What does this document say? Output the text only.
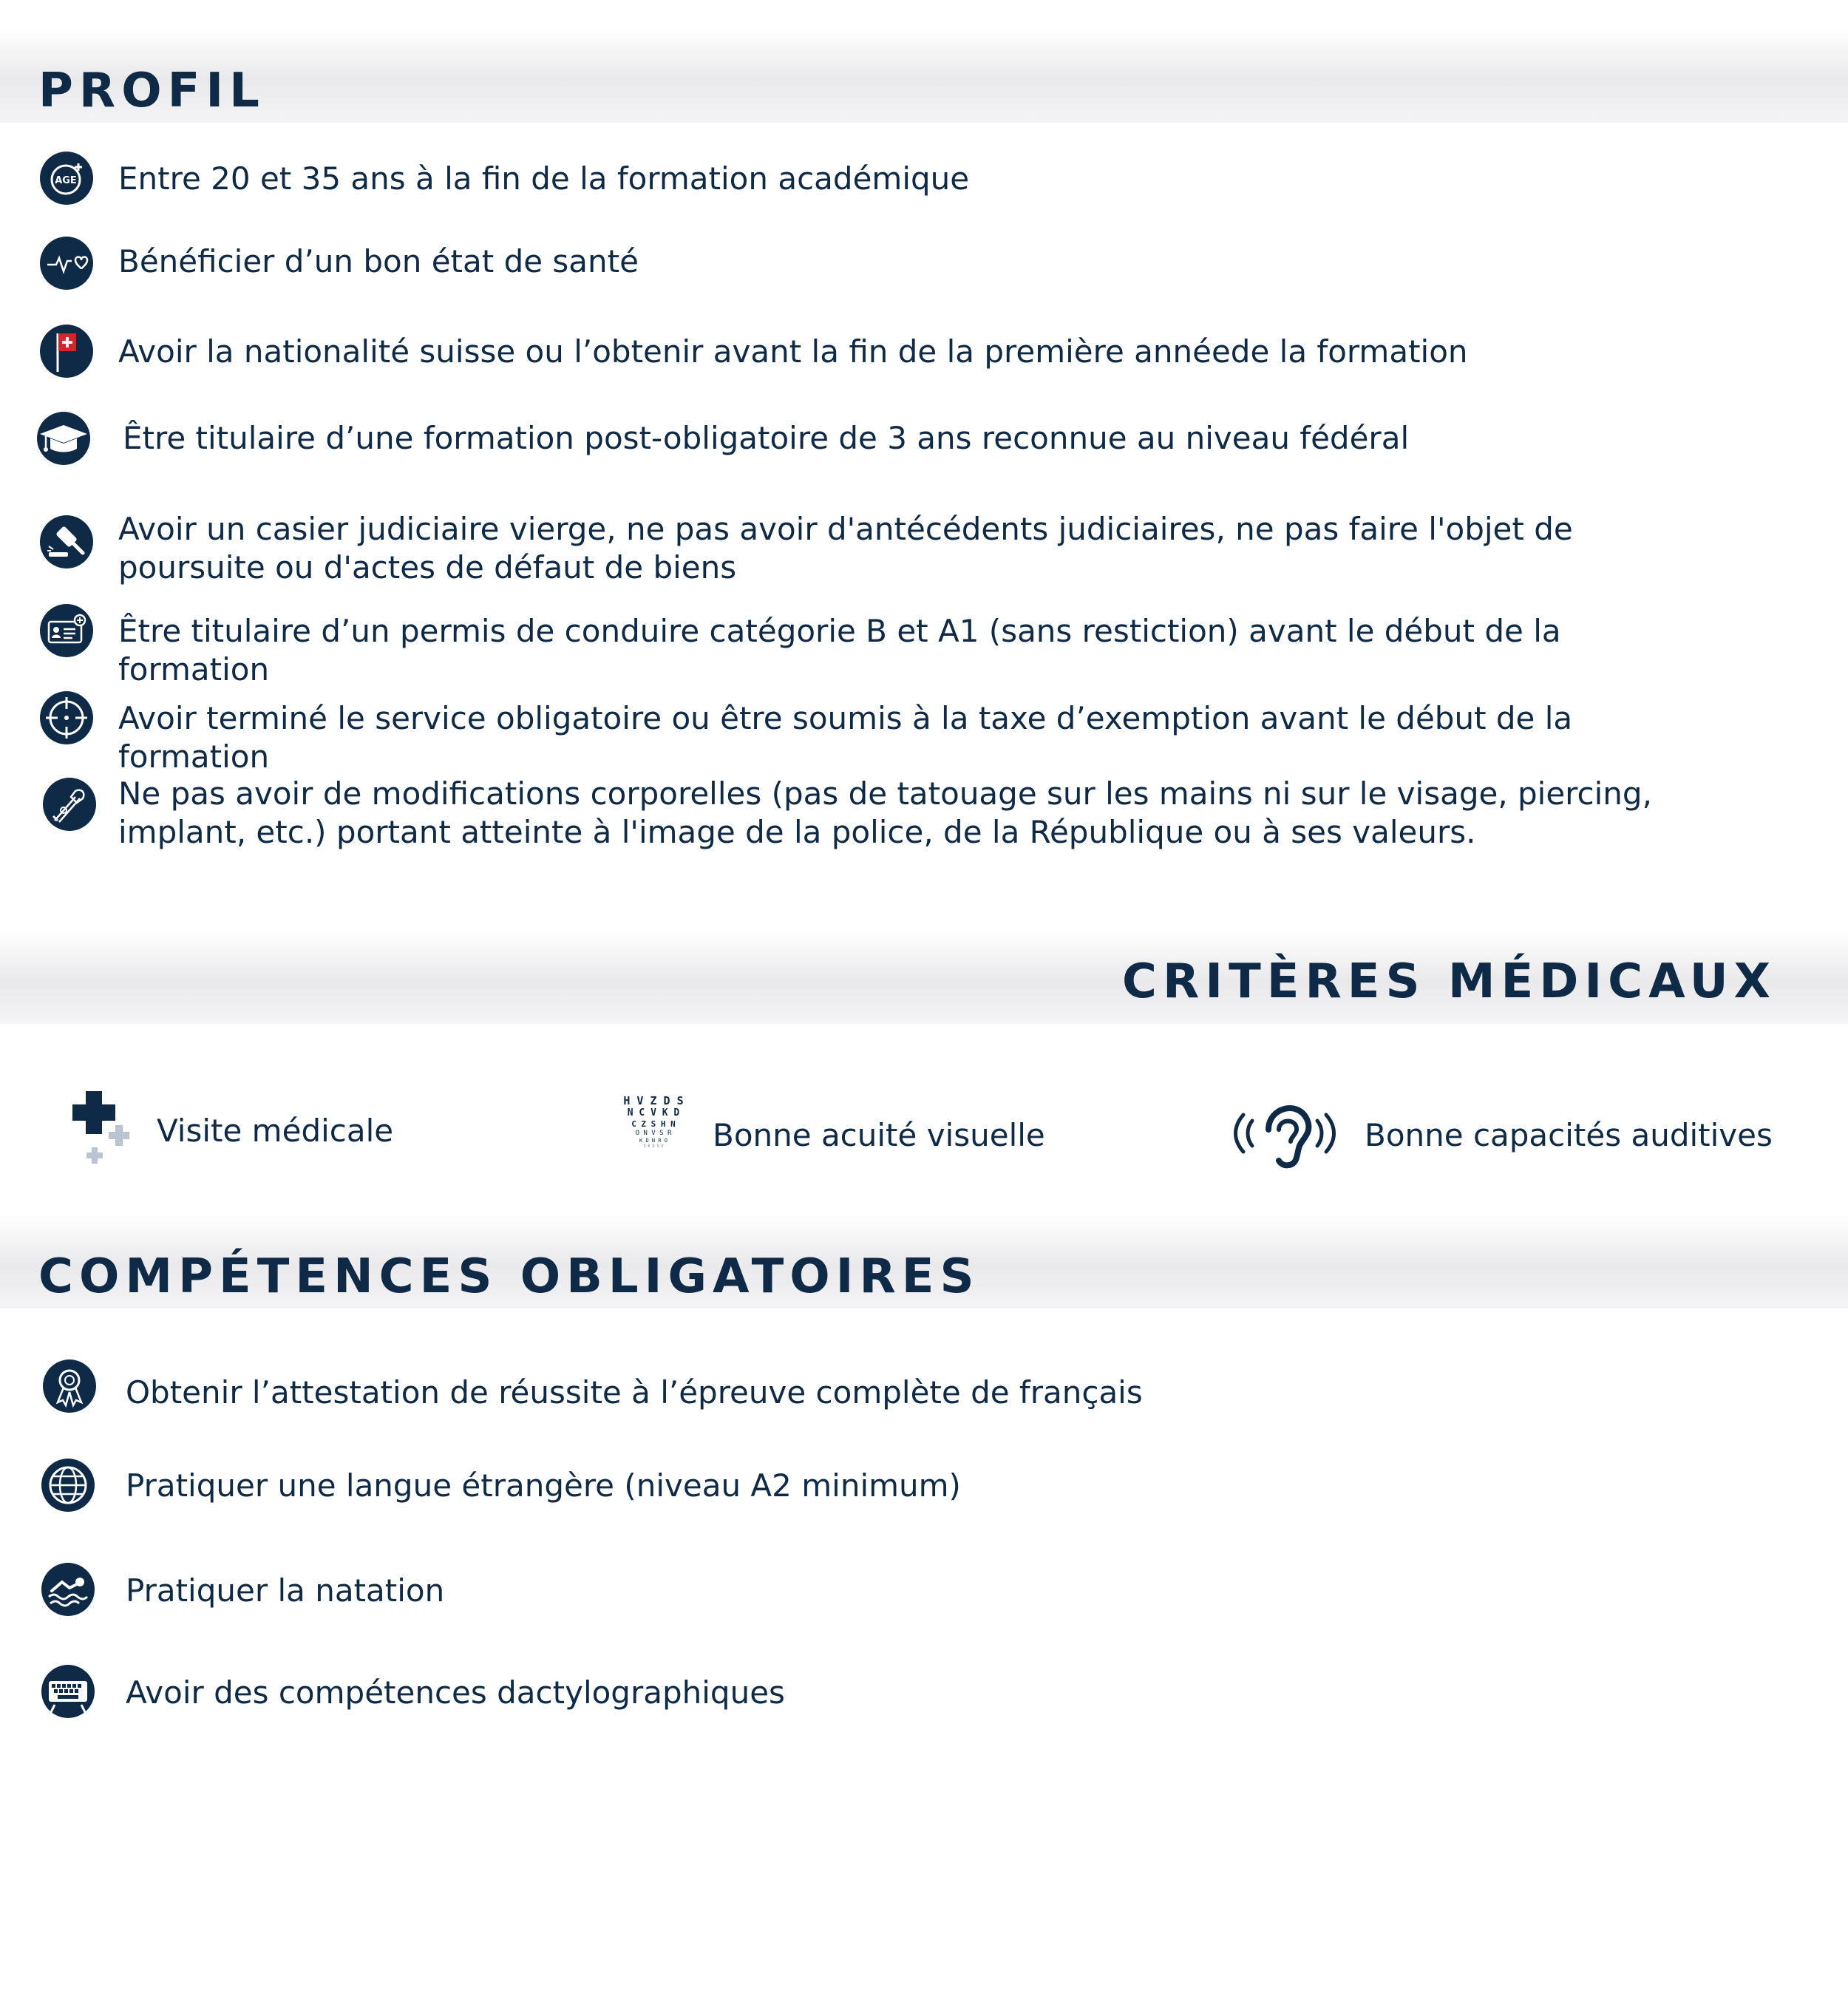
PROFIL
AGE Entre 20 et 35 ans à la fin de la formation académique

Bénéficier d’un bon état de santé

Avoir la nationalité suisse ou l’obtenir avant la fin de la première annéede la formation

Être titulaire d’une formation post-obligatoire de 3 ans reconnue au niveau fédéral

Avoir un casier judiciaire vierge, ne pas avoir d'antécédents judiciaires, ne pas faire l'objet de poursuite ou d'actes de défaut de biens

Être titulaire d’un permis de conduire catégorie B et A1 (sans restiction) avant le début de la formation

Avoir terminé le service obligatoire ou être soumis à la taxe d’exemption avant le début de la formation

Ne pas avoir de modifications corporelles (pas de tatouage sur les mains ni sur le visage, piercing, implant, etc.) portant atteinte à l'image de la police, de la République ou à ses valeurs.

CRITÈRES MÉDICAUX

Visite médicale

H V Z D S
N C V K D
C Z S H N
O N V S R
K D N R O
Z K D S V	Bonne acuité visuelle	Bonne capacités auditives

COMPÉTENCES OBLIGATOIRES

Obtenir l’attestation de réussite à l’épreuve complète de français

Pratiquer une langue étrangère (niveau A2 minimum)

Pratiquer la natation

Avoir des compétences dactylographiques
